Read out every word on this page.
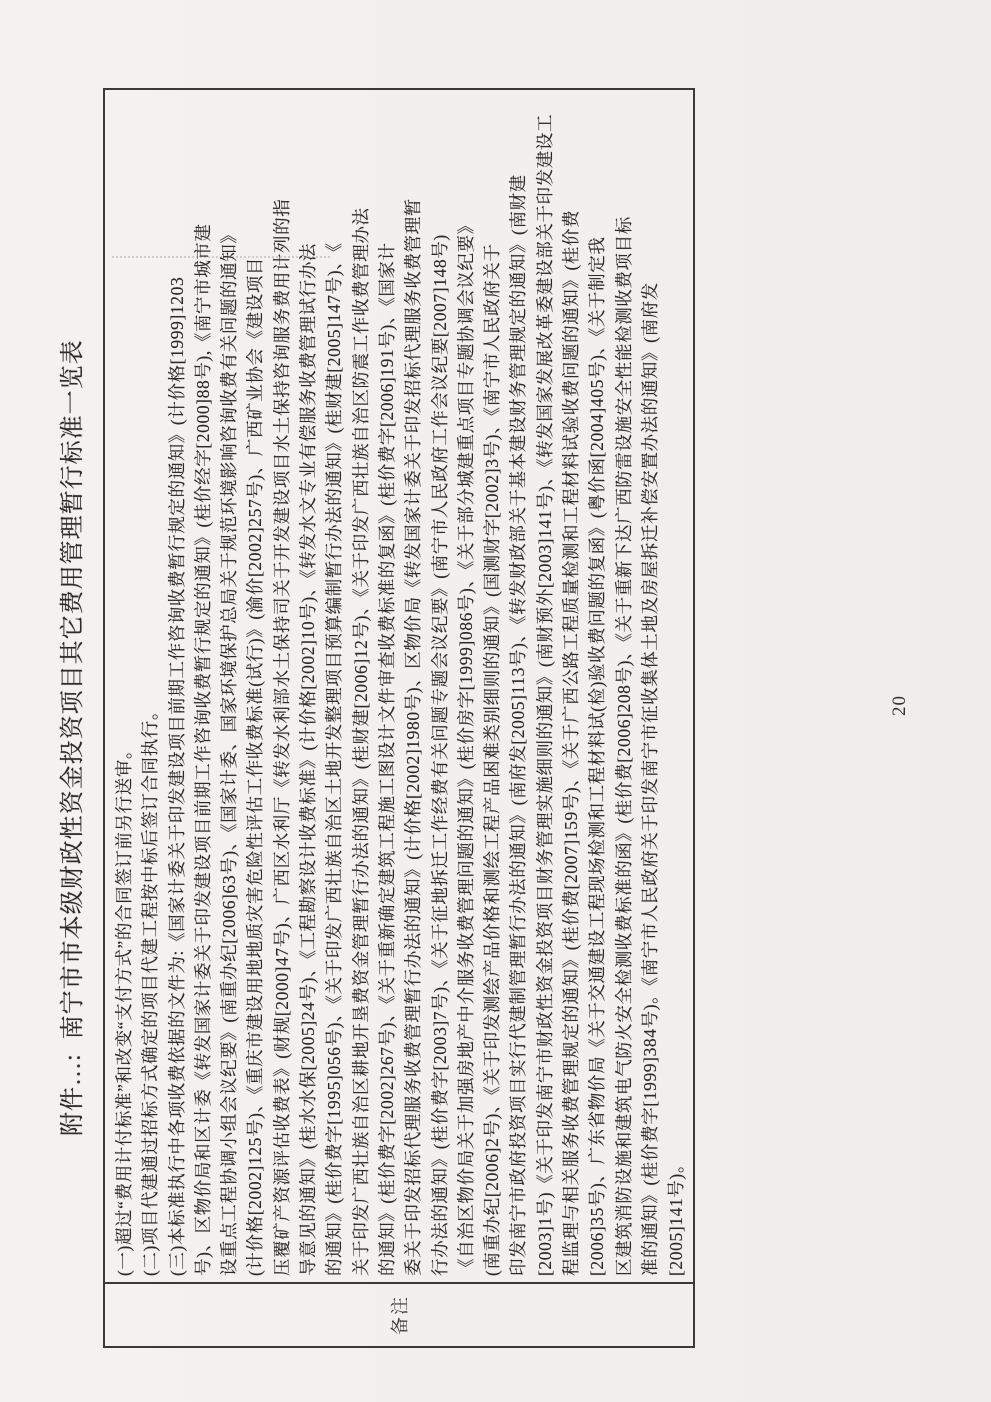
附件…:南宁市市本级财政性资金投资项目其它费用管理暂行标准一览表
备注
(一)超过“费用计付标准”和改变“支付方式”的合同签订前另行送审。 (二)项目代建通过招标方式确定的项目代建工程按中标后签订合同执行。 (三)本标准执行中各项收费依据的文件为:《国家计委关于印发建设项目前期工作咨询收费暂行规定的通知》(计价格[1999]1203 号)、区物价局和区计委《转发国家计委关于印发建设项目前期工作咨询收费暂行规定的通知》(桂价经字[2000]88号),《南宁市城市建 设重点工程协调小组会议纪要》(南重办纪[2006]63号)、《国家计委、国家环境保护总局关于规范环境影响咨询收费有关问题的通知》 (计价格[2002]125号)、《重庆市建设用地地质灾害危险性评估工作收费标准(试行)》(渝价[2002]257号)、广西矿业协会《建设项目 压覆矿产资源评估收费表》(财规[2000]47号)、广西区水利厅《转发水利部水土保持司关于开发建设项目水土保持咨询服务费用计列的指 导意见的通知》(桂水水保[2005]24号)、《工程勘察设计收费标准》(计价格[2002]10号)、《转发水文专业有偿服务收费管理试行办法 的通知》(桂价费字[1995]056号)、《关于印发广西壮族自治区土地开发整理项目预算编制暂行办法的通知》(桂财建[2005]147号)、《 关于印发广西壮族自治区耕地开垦费资金管理暂行办法的通知》(桂财建[2006]12号)、《关于印发广西壮族自治区防震工作收费管理办法 的通知》(桂价费字[2002]267号)、《关于重新确定建筑工程施工图设计文件审查收费标准的复函》(桂价费字[2006]191号)、《国家计 委关于印发招标代理服务收费管理暂行办法的通知》(计价格[2002]1980号)、区物价局《转发国家计委关于印发招标代理服务收费管理暂 行办法的通知》(桂价费字[2003]7号)、《关于征地拆迁工作经费有关问题专题会议纪要》(南宁市人民政府工作会议纪要[2007]148号) 《自治区物价局关于加强房地产中介服务收费管理问题的通知》(桂价房字[1999]086号)、《关于部分城建重点项目专题协调会议纪要》 (南重办纪[2006]2号)、《关于印发测绘产品价格和测绘工程产品困难类别细则的通知》(国测财字[2002]3号)、《南宁市人民政府关于 印发南宁市政府投资项目实行代建制管理暂行办法的通知》(南府发[2005]113号)、《转发财政部关于基本建设财务管理规定的通知》(南财建 [2003]1号)《关于印发南宁市财政性资金投资项目财务管理实施细则的通知》(南财预外[2003]141号)、《转发国家发展改革委建设部关于印发建设工 程监理与相关服务收费管理规定的通知》(桂价费[2007]159号)、《关于广西公路工程质量检测和工程材料试验收费问题的通知》(桂价费 [2006]35号)、广东省物价局《关于交通建设工程现场检测和工程材料试(检)验收费问题的复函》(粤价函[2004]405号)、《关于制定我 区建筑消防设施和建筑电气防火安全检测收费标准的函》(桂价费[2006]208号)、《关于重新下达广西防雷设施安全性能检测收费项目标 准的通知》(桂价费字[1999]384号)。《南宁市人民政府关于印发南宁市征收集体土地及房屋拆迁补偿安置办法的通知》(南府发 [2005]141号)。
20
